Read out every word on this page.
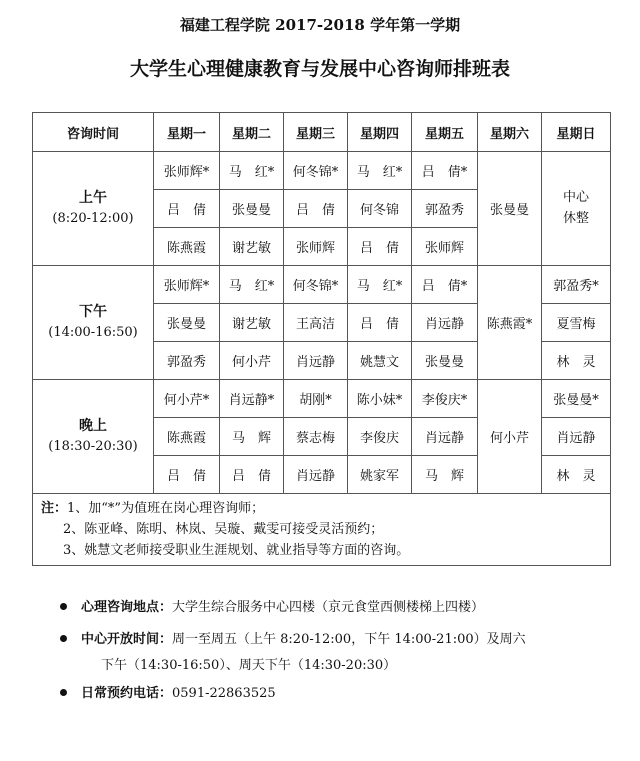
福建工程学院 2017-2018 学年第一学期
大学生心理健康教育与发展中心咨询师排班表
咨询时间	星期一	星期二	星期三	星期四	星期五	星期六	星期日

上午
(8:20-12:00)	张师辉*	马　红*	何冬锦*	马　红*	吕　倩*	张曼曼	中心
休整

	吕　倩	张曼曼	吕　倩	何冬锦	郭盈秀		
	陈燕霞	谢艺敏	张师辉	吕　倩	张师辉		

下午
(14:00-16:50)	张师辉*	马　红*	何冬锦*	马　红*	吕　倩*	陈燕霞*	郭盈秀*
	张曼曼	谢艺敏	王高洁	吕　倩	肖远静		夏雪梅
	郭盈秀	何小芹	肖远静	姚慧文	张曼曼		林　灵

晚上
(18:30-20:30)	何小芹*	肖远静*	胡刚*	陈小妹*	李俊庆*	何小芹	张曼曼*
	陈燕霞	马　辉	蔡志梅	李俊庆	肖远静		肖远静
	吕　倩	吕　倩	肖远静	姚家军	马　辉		林　灵

注：1、加“*”为值班在岗心理咨询师；
2、陈亚峰、陈明、林岚、吴璇、戴雯可接受灵活预约；
3、姚慧文老师接受职业生涯规划、就业指导等方面的咨询。							
心理咨询地点：大学生综合服务中心四楼（京元食堂西侧楼梯上四楼）
中心开放时间：周一至周五（上午 8:20-12:00，下午 14:00-21:00）及周六
下午（14:30-16:50）、周天下午（14:30-20:30）
日常预约电话：0591-22863525
